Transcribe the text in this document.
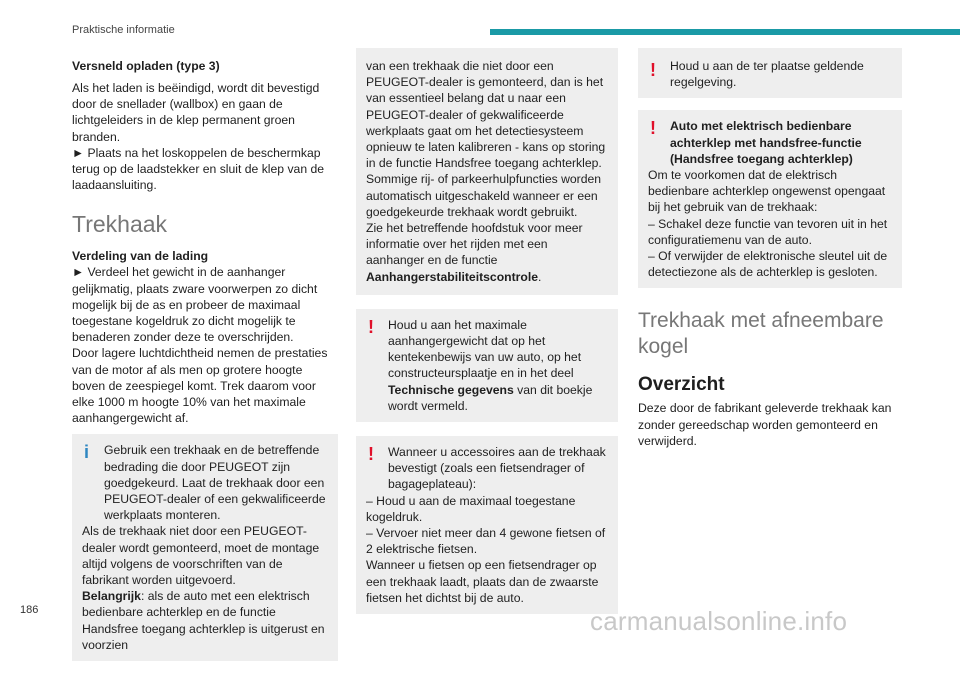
Praktische informatie
Versneld opladen (type 3)

Als het laden is beëindigd, wordt dit bevestigd door de snellader (wallbox) en gaan de lichtgeleiders in de klep permanent groen branden.

► Plaats na het loskoppelen de beschermkap terug op de laadstekker en sluit de klep van de laadaansluiting.

Trekhaak
Verdeling van de lading

► Verdeel het gewicht in de aanhanger gelijkmatig, plaats zware voorwerpen zo dicht mogelijk bij de as en probeer de maximaal toegestane kogeldruk zo dicht mogelijk te benaderen zonder deze te overschrijden.

Door lagere luchtdichtheid nemen de prestaties van de motor af als men op grotere hoogte boven de zeespiegel komt. Trek daarom voor elke 1000 m hoogte 10% van het maximale aanhangergewicht af.

i	Gebruik een trekhaak en de betreffende bedrading die door PEUGEOT zijn goedgekeurd. Laat de trekhaak door een PEUGEOT-dealer of een gekwalificeerde werkplaats monteren.

Als de trekhaak niet door een PEUGEOT-dealer wordt gemonteerd, moet de montage altijd volgens de voorschriften van de fabrikant worden uitgevoerd.

Belangrijk: als de auto met een elektrisch bedienbare achterklep en de functie Handsfree toegang achterklep is uitgerust en voorzien

van een trekhaak die niet door een PEUGEOT-dealer is gemonteerd, dan is het van essentieel belang dat u naar een PEUGEOT-dealer of gekwalificeerde werkplaats gaat om het detectiesysteem opnieuw te laten kalibreren - kans op storing in de functie Handsfree toegang achterklep.

Sommige rij- of parkeerhulpfuncties worden automatisch uitgeschakeld wanneer er een goedgekeurde trekhaak wordt gebruikt.

Zie het betreffende hoofdstuk voor meer informatie over het rijden met een aanhanger en de functie Aanhangerstabiliteitscontrole.

!	Houd u aan het maximale aanhangergewicht dat op het kentekenbewijs van uw auto, op het constructeursplaatje en in het deel Technische gegevens van dit boekje wordt vermeld.

!	Wanneer u accessoires aan de trekhaak bevestigt (zoals een fietsendrager of bagageplateau):

– Houd u aan de maximaal toegestane kogeldruk.

– Vervoer niet meer dan 4 gewone fietsen of 2 elektrische fietsen.

Wanneer u fietsen op een fietsendrager op een trekhaak laadt, plaats dan de zwaarste fietsen het dichtst bij de auto.

!	Houd u aan de ter plaatse geldende regelgeving.

!	Auto met elektrisch bedienbare achterklep met handsfree-functie (Handsfree toegang achterklep)

Om te voorkomen dat de elektrisch bedienbare achterklep ongewenst opengaat bij het gebruik van de trekhaak:

– Schakel deze functie van tevoren uit in het configuratiemenu van de auto.

– Of verwijder de elektronische sleutel uit de detectiezone als de achterklep is gesloten.

Trekhaak met afneembare kogel
Overzicht

Deze door de fabrikant geleverde trekhaak kan zonder gereedschap worden gemonteerd en verwijderd.

186	carmanualsonline.info
